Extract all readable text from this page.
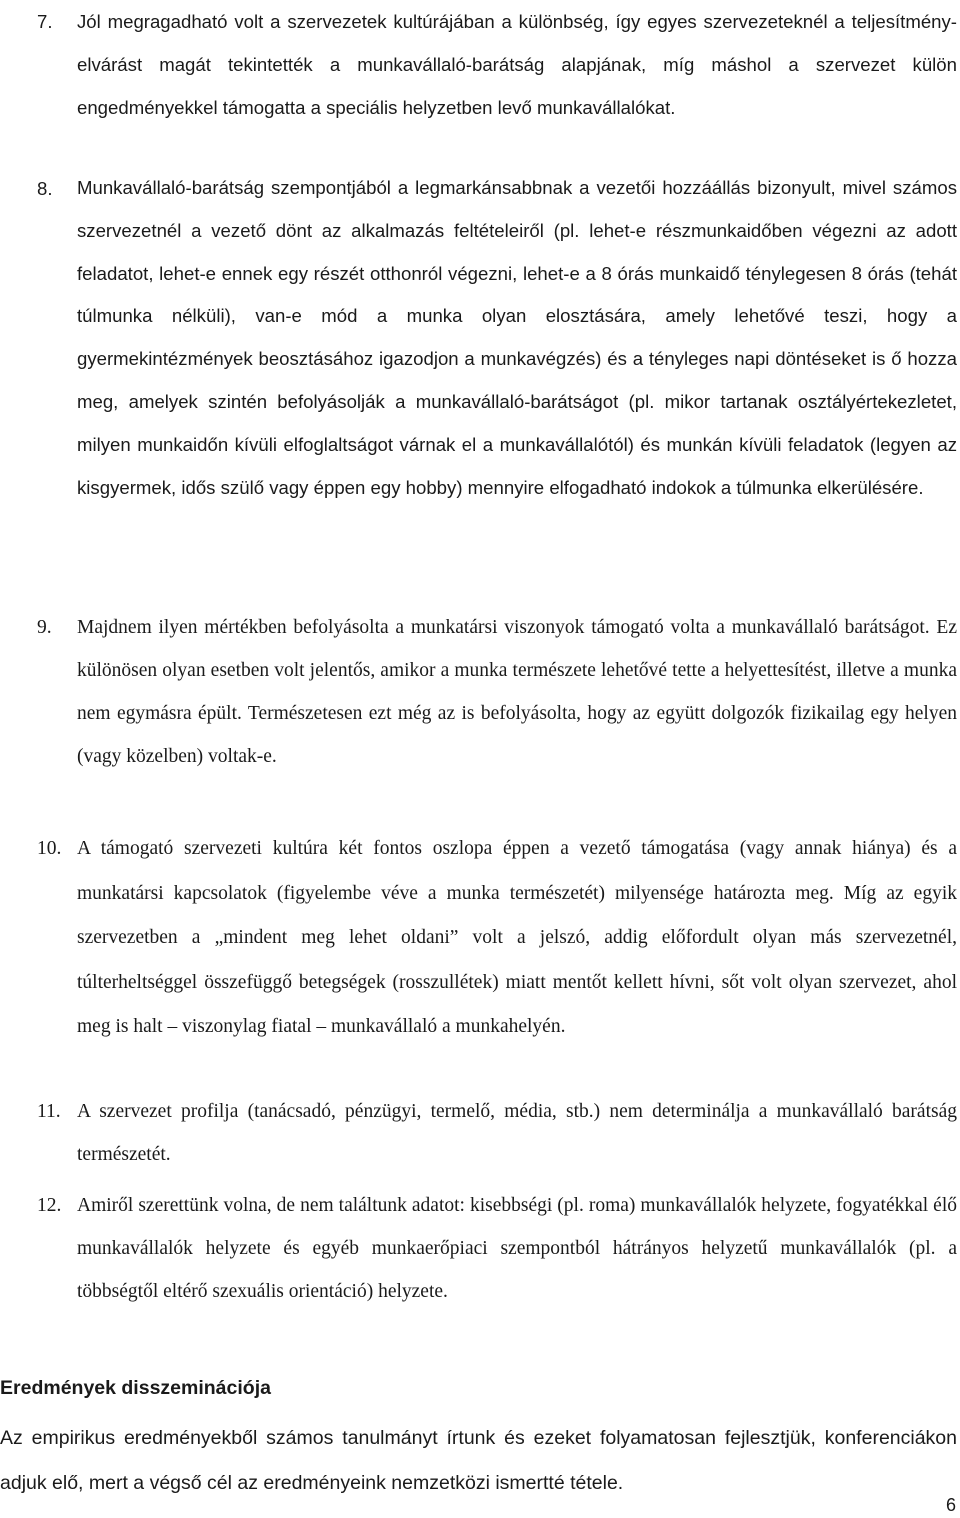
7. Jól megragadható volt a szervezetek kultúrájában a különbség, így egyes szervezeteknél a teljesítmény-elvárást magát tekintették a munkavállaló-barátság alapjának, míg máshol a szervezet külön engedményekkel támogatta a speciális helyzetben levő munkavállalókat.

8. Munkavállaló-barátság szempontjából a legmarkánsabbnak a vezetői hozzáállás bizonyult, mivel számos szervezetnél a vezető dönt az alkalmazás feltételeiről (pl. lehet-e részmunkaidőben végezni az adott feladatot, lehet-e ennek egy részét otthonról végezni, lehet-e a 8 órás munkaidő ténylegesen 8 órás (tehát túlmunka nélküli), van-e mód a munka olyan elosztására, amely lehetővé teszi, hogy a gyermekintézmények beosztásához igazodjon a munkavégzés) és a tényleges napi döntéseket is ő hozza meg, amelyek szintén befolyásolják a munkavállaló-barátságot (pl. mikor tartanak osztályértekezletet, milyen munkaidőn kívüli elfoglaltságot várnak el a munkavállalótól) és munkán kívüli feladatok (legyen az kisgyermek, idős szülő vagy éppen egy hobby) mennyire elfogadható indokok a túlmunka elkerülésére.

9. Majdnem ilyen mértékben befolyásolta a munkatársi viszonyok támogató volta a munkavállaló barátságot. Ez különösen olyan esetben volt jelentős, amikor a munka természete lehetővé tette a helyettesítést, illetve a munka nem egymásra épült. Természetesen ezt még az is befolyásolta, hogy az együtt dolgozók fizikailag egy helyen (vagy közelben) voltak-e.

10. A támogató szervezeti kultúra két fontos oszlopa éppen a vezető támogatása (vagy annak hiánya) és a munkatársi kapcsolatok (figyelembe véve a munka természetét) milyensége határozta meg. Míg az egyik szervezetben a „mindent meg lehet oldani” volt a jelszó, addig előfordult olyan más szervezetnél, túlterheltséggel összefüggő betegségek (rosszullétek) miatt mentőt kellett hívni, sőt volt olyan szervezet, ahol meg is halt – viszonylag fiatal – munkavállaló a munkahelyén.

11. A szervezet profilja (tanácsadó, pénzügyi, termelő, média, stb.) nem determinálja a munkavállaló barátság természetét.

12. Amiről szerettünk volna, de nem találtunk adatot: kisebbségi (pl. roma) munkavállalók helyzete, fogyatékkal élő munkavállalók helyzete és egyéb munkaerőpiaci szempontból hátrányos helyzetű munkavállalók (pl. a többségtől eltérő szexuális orientáció) helyzete.

Eredmények disszeminációja

Az empirikus eredményekből számos tanulmányt írtunk és ezeket folyamatosan fejlesztjük, konferenciákon adjuk elő, mert a végső cél az eredményeink nemzetközi ismertté tétele.

6
